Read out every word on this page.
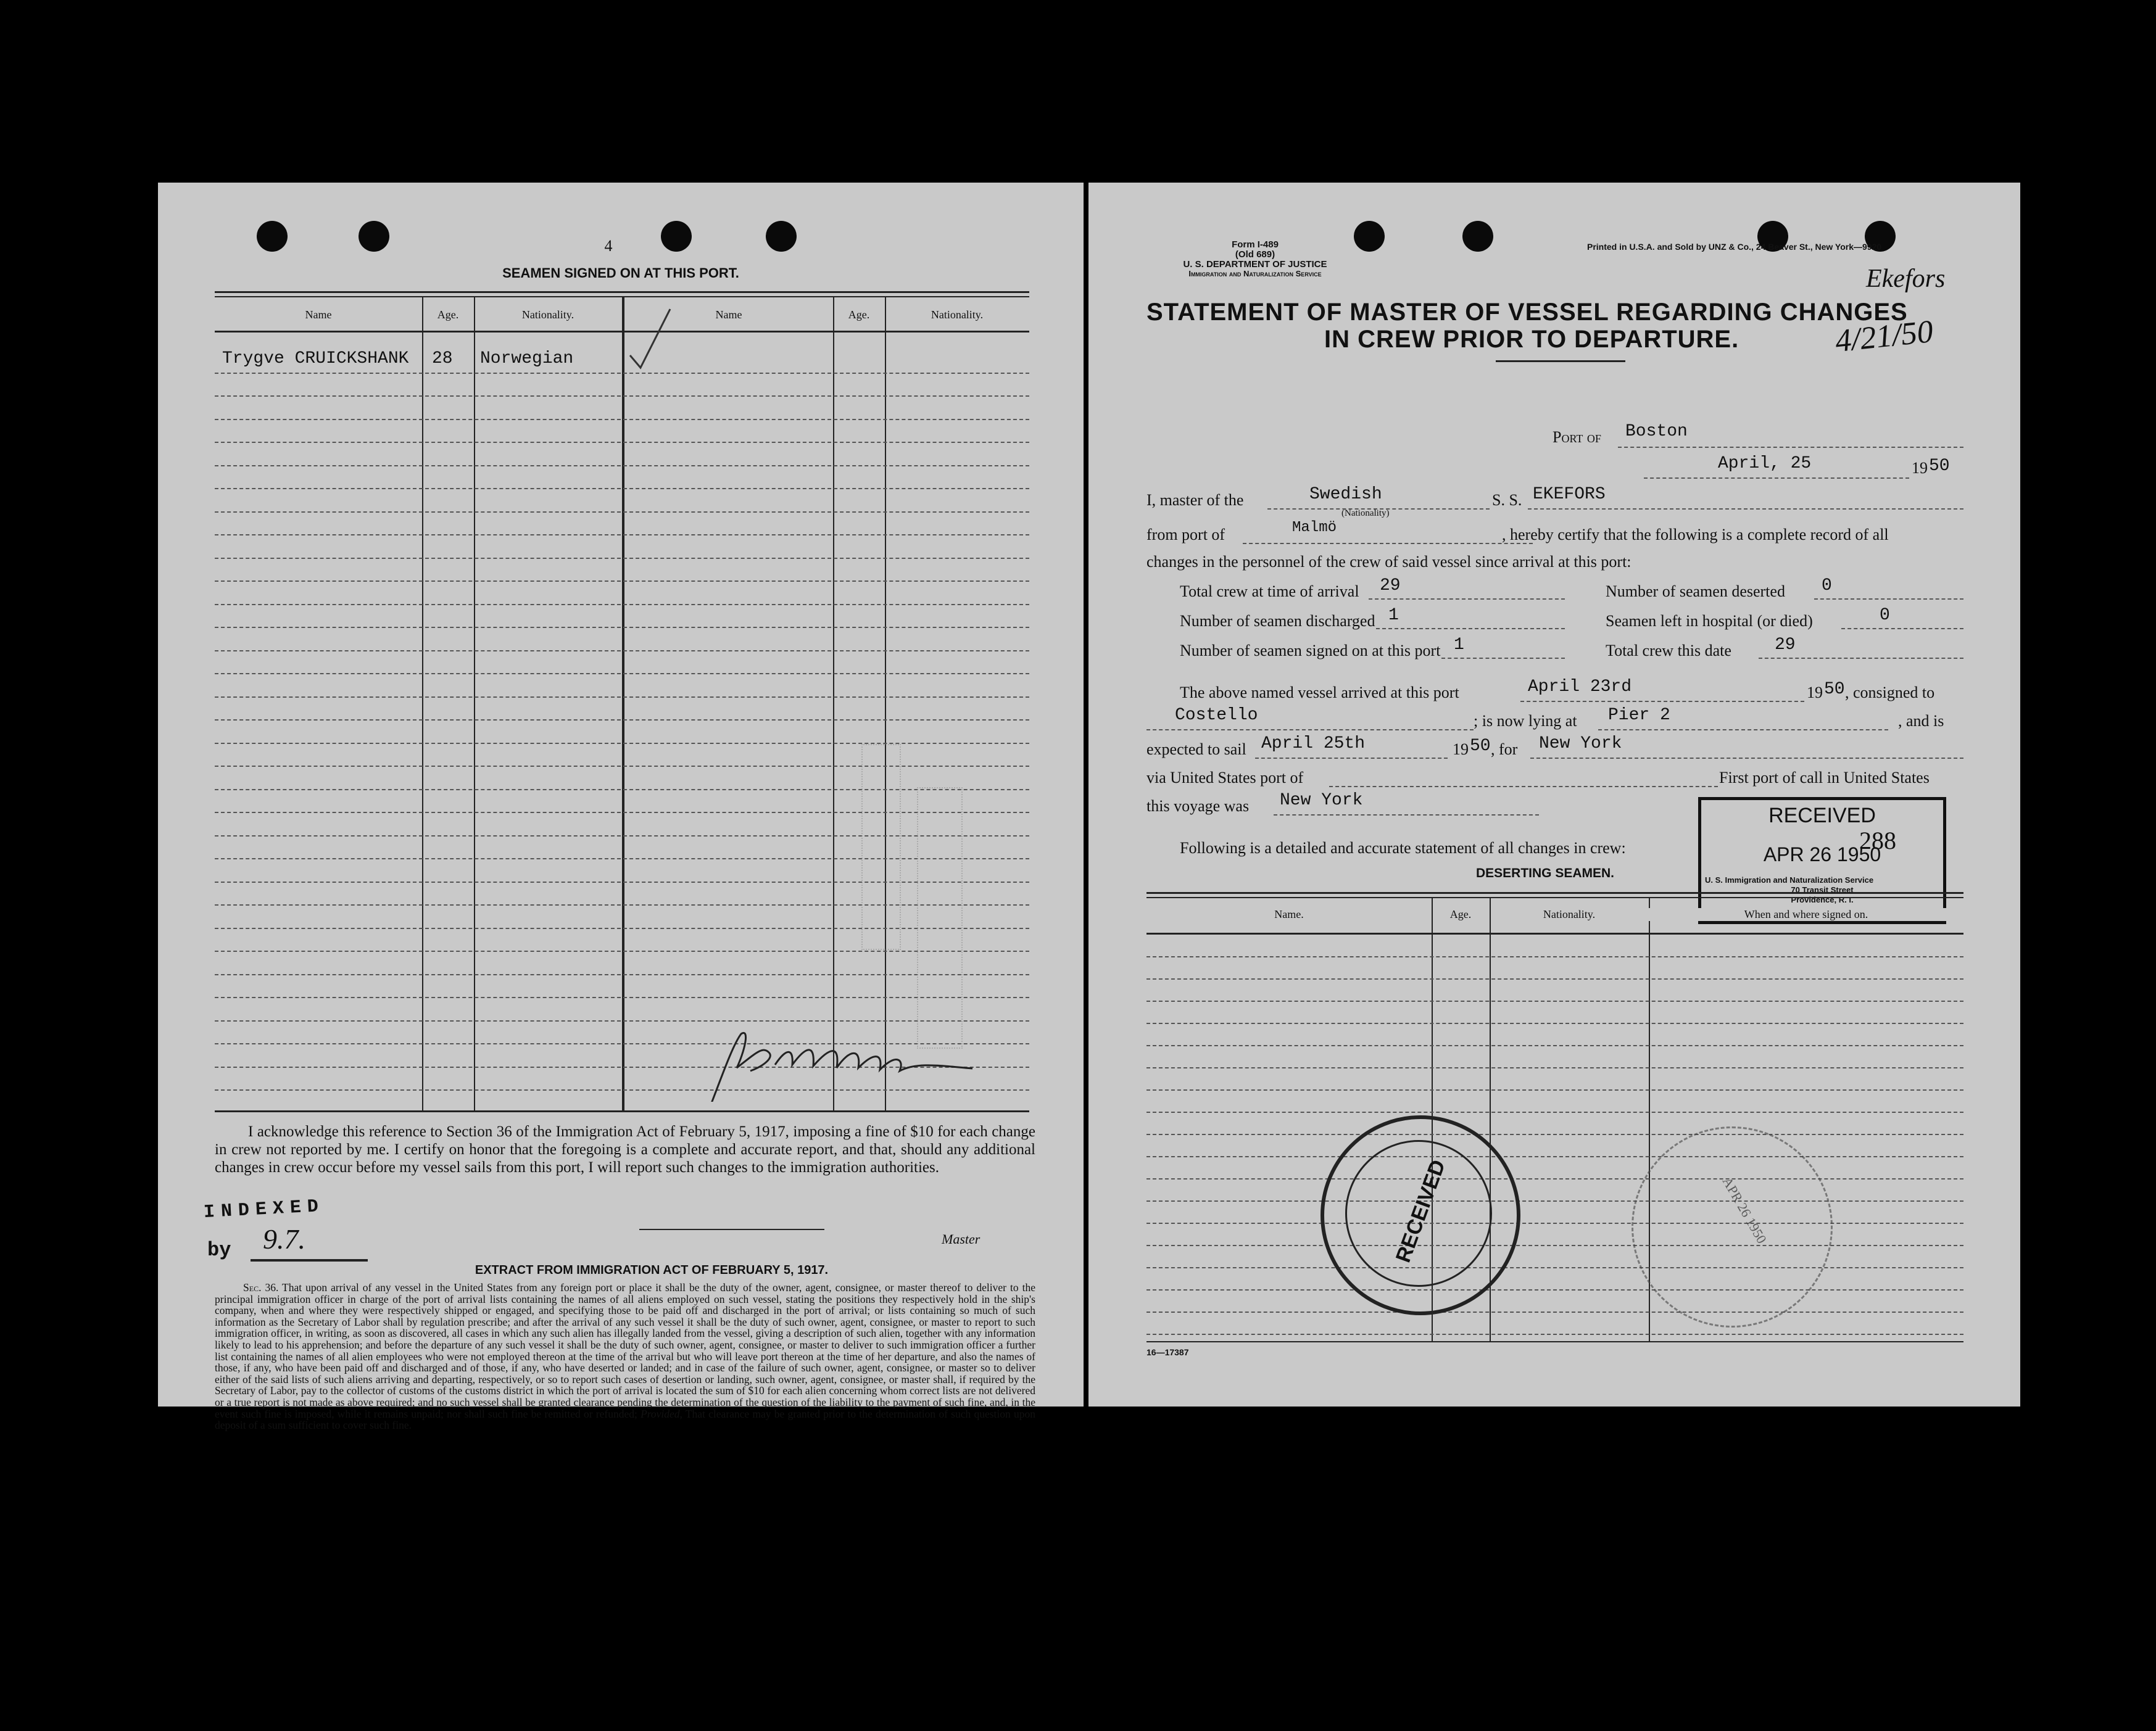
4
SEAMEN SIGNED ON AT THIS PORT.
Name	Age.	Nationality.	Name	Age.	Nationality.
Trygve CRUICKSHANK 28 Norwegian
I acknowledge this reference to Section 36 of the Immigration Act of February 5, 1917, imposing a fine of $10 for each change in crew not reported by me. I certify on honor that the foregoing is a complete and accurate report, and that, should any additional changes in crew occur before my vessel sails from this port, I will report such changes to the immigration authorities.
Master
INDEXED
by 9.7.
EXTRACT FROM IMMIGRATION ACT OF FEBRUARY 5, 1917.
Sec. 36. That upon arrival of any vessel in the United States from any foreign port or place it shall be the duty of the owner, agent, consignee, or master thereof to deliver to the principal immigration officer in charge of the port of arrival lists containing the names of all aliens employed on such vessel, stating the positions they respectively hold in the ship's company, when and where they were respectively shipped or engaged, and specifying those to be paid off and discharged in the port of arrival; or lists containing so much of such information as the Secretary of Labor shall by regulation prescribe; and after the arrival of any such vessel it shall be the duty of such owner, agent, consignee, or master to report to such immigration officer, in writing, as soon as discovered, all cases in which any such alien has illegally landed from the vessel, giving a description of such alien, together with any information likely to lead to his apprehension; and before the departure of any such vessel it shall be the duty of such owner, agent, consignee, or master to deliver to such immigration officer a further list containing the names of all alien employees who were not employed thereon at the time of the arrival but who will leave port thereon at the time of her departure, and also the names of those, if any, who have been paid off and discharged and of those, if any, who have deserted or landed; and in case of the failure of such owner, agent, consignee, or master so to deliver either of the said lists of such aliens arriving and departing, respectively, or so to report such cases of desertion or landing, such owner, agent, consignee, or master shall, if required by the Secretary of Labor, pay to the collector of customs of the customs district in which the port of arrival is located the sum of $10 for each alien concerning whom correct lists are not delivered or a true report is not made as above required; and no such vessel shall be granted clearance pending the determination of the question of the liability to the payment of such fine, and, in the event such fine is imposed, while it remains unpaid; nor shall such fine be remitted or refunded; Provided, That clearance may be granted prior to the determination of such question upon deposit of a sum sufficient to cover such fine.
Form I-489
(Old 689)
U. S. DEPARTMENT OF JUSTICE
Immigration and Naturalization Service
Printed in U.S.A. and Sold by UNZ & Co., 24 Beaver St., New York—9920
Ekefors
4/21/50
STATEMENT OF MASTER OF VESSEL REGARDING CHANGES
IN CREW PRIOR TO DEPARTURE.
Port of Boston
April, 25	19 50
I, master of the	Swedish
(Nationality)
S. S. EKEFORS
from port of	Malmö	, hereby certify that the following is a complete record of all
changes in the personnel of the crew of said vessel since arrival at this port:
Total crew at time of arrival 29	Number of seamen deserted 0
Number of seamen discharged 1	Seamen left in hospital (or died)	0
Number of seamen signed on at this port 1	Total crew this date	29
The above named vessel arrived at this port	April 23rd	19 50 , consigned to
Costello	; is now lying at Pier 2	, and is
expected to sail April 25th	19 50 , for New York
via United States port of	First port of call in United States
this voyage was New York
Following is a detailed and accurate statement of all changes in crew:
DESERTING SEAMEN.
RECEIVED
288
APR 26 1950
U. S. Immigration and Naturalization Service
70 Transit Street
Providence, R. I.
Name.	Age.	Nationality.	When and where signed on.
RECEIVED	APR 26 1950
16—17387
